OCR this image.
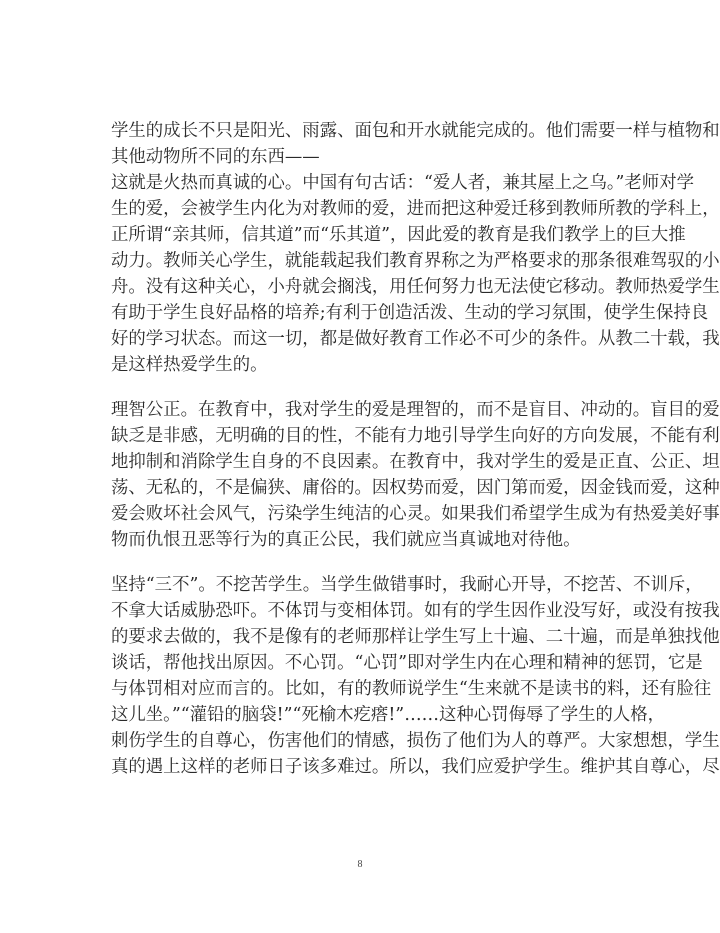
学生的成长不只是阳光、雨露、面包和开水就能完成的。他们需要一样与植物和
其他动物所不同的东西——
这就是火热而真诚的心。中国有句古话：“爱人者，兼其屋上之乌。”老师对学
生的爱，会被学生内化为对教师的爱，进而把这种爱迁移到教师所教的学科上，
正所谓“亲其师，信其道”而“乐其道”，因此爱的教育是我们教学上的巨大推
动力。教师关心学生，就能载起我们教育界称之为严格要求的那条很难驾驭的小
舟。没有这种关心，小舟就会搁浅，用任何努力也无法使它移动。教师热爱学生
有助于学生良好品格的培养;有利于创造活泼、生动的学习氛围，使学生保持良
好的学习状态。而这一切，都是做好教育工作必不可少的条件。从教二十载，我
是这样热爱学生的。
理智公正。在教育中，我对学生的爱是理智的，而不是盲目、冲动的。盲目的爱
缺乏是非感，无明确的目的性，不能有力地引导学生向好的方向发展，不能有利
地抑制和消除学生自身的不良因素。在教育中，我对学生的爱是正直、公正、坦
荡、无私的，不是偏狭、庸俗的。因权势而爱，因门第而爱，因金钱而爱，这种
爱会败坏社会风气，污染学生纯洁的心灵。如果我们希望学生成为有热爱美好事
物而仇恨丑恶等行为的真正公民，我们就应当真诚地对待他。
坚持“三不”。不挖苦学生。当学生做错事时，我耐心开导，不挖苦、不训斥，
不拿大话威胁恐吓。不体罚与变相体罚。如有的学生因作业没写好，或没有按我
的要求去做的，我不是像有的老师那样让学生写上十遍、二十遍，而是单独找他
谈话，帮他找出原因。不心罚。“心罚”即对学生内在心理和精神的惩罚，它是
与体罚相对应而言的。比如，有的教师说学生“生来就不是读书的料，还有脸往
这儿坐。”“灌铅的脑袋!”“死榆木疙瘩!”……这种心罚侮辱了学生的人格，
刺伤学生的自尊心，伤害他们的情感，损伤了他们为人的尊严。大家想想，学生
真的遇上这样的老师日子该多难过。所以，我们应爱护学生。维护其自尊心，尽
8
